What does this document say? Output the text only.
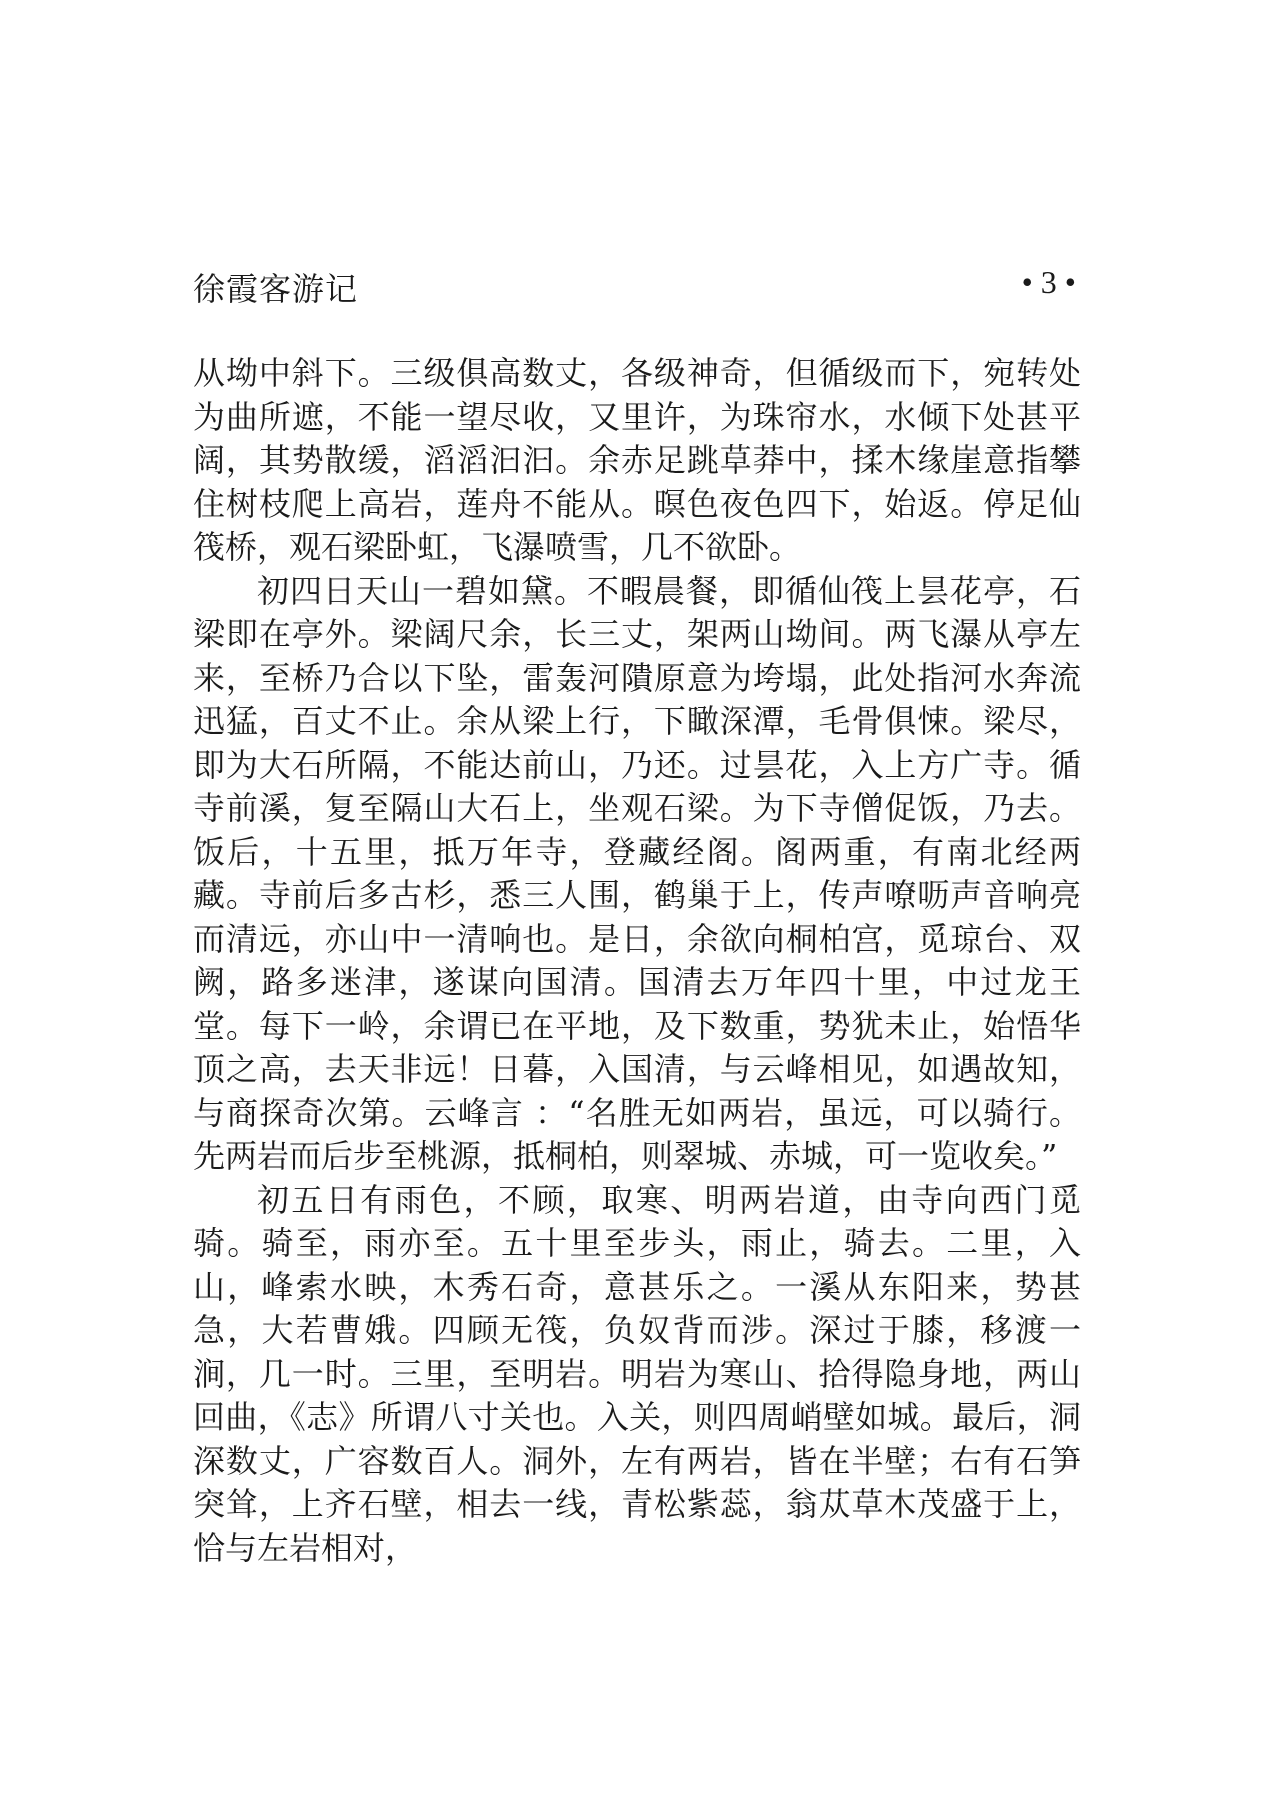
徐霞客游记	• 3 •

从坳中斜下。三级俱高数丈，各级神奇，但循级而下，宛转处为曲所遮，不能一望尽收，又里许，为珠帘水，水倾下处甚平阔，其势散缓，滔滔汩汩。余赤足跳草莽中，揉木缘崖意指攀住树枝爬上高岩，莲舟不能从。暝色夜色四下，始返。停足仙筏桥，观石梁卧虹，飞瀑喷雪，几不欲卧。

初四日天山一碧如黛。不暇晨餐，即循仙筏上昙花亭，石梁即在亭外。梁阔尺余，长三丈，架两山坳间。两飞瀑从亭左来，至桥乃合以下坠，雷轰河隤原意为垮塌，此处指河水奔流迅猛，百丈不止。余从梁上行，下瞰深潭，毛骨俱悚。梁尽，即为大石所隔，不能达前山，乃还。过昙花，入上方广寺。循寺前溪，复至隔山大石上，坐观石梁。为下寺僧促饭，乃去。饭后，十五里，抵万年寺，登藏经阁。阁两重，有南北经两藏。寺前后多古杉，悉三人围，鹤巢于上，传声嘹呖声音响亮而清远，亦山中一清响也。是日，余欲向桐柏宫，觅琼台、双阙，路多迷津，遂谋向国清。国清去万年四十里，中过龙王堂。每下一岭，余谓已在平地，及下数重，势犹未止，始悟华顶之高，去天非远！日暮，入国清，与云峰相见，如遇故知，与商探奇次第。云峰言 ：“名胜无如两岩，虽远，可以骑行。先两岩而后步至桃源，抵桐柏，则翠城、赤城，可一览收矣。”

初五日有雨色，不顾，取寒、明两岩道，由寺向西门觅骑。骑至，雨亦至。五十里至步头，雨止，骑去。二里，入山，峰索水映，木秀石奇，意甚乐之。一溪从东阳来，势甚急，大若曹娥。四顾无筏，负奴背而涉。深过于膝，移渡一涧，几一时。三里，至明岩。明岩为寒山、拾得隐身地，两山回曲，《志》所谓八寸关也。入关，则四周峭壁如城。最后，洞深数丈，广容数百人。洞外，左有两岩，皆在半壁；右有石笋突耸，上齐石壁，相去一线，青松紫蕊，翁苁草木茂盛于上，恰与左岩相对，
